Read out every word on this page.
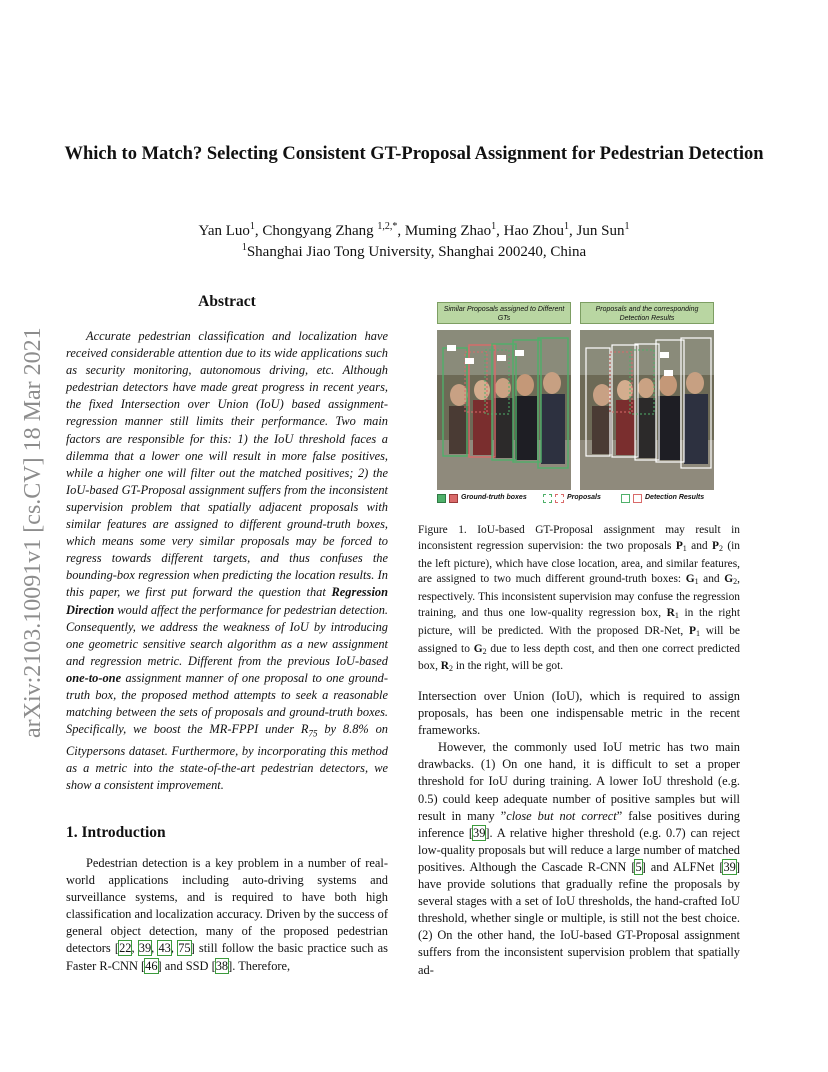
arXiv:2103.10091v1 [cs.CV] 18 Mar 2021
Which to Match? Selecting Consistent GT-Proposal Assignment for Pedestrian Detection
Yan Luo$^1$, Chongyang Zhang $^{1,2,*}$, Muming Zhao$^1$, Hao Zhou$^1$, Jun Sun$^1$
$^1$Shanghai Jiao Tong University, Shanghai 200240, China
Abstract

Accurate pedestrian classification and localization have received considerable attention due to its wide applications such as security monitoring, autonomous driving, etc. Although pedestrian detectors have made great progress in recent years, the fixed Intersection over Union (IoU) based assignment-regression manner still limits their performance. Two main factors are responsible for this: 1) the IoU threshold faces a dilemma that a lower one will result in more false positives, while a higher one will filter out the matched positives; 2) the IoU-based GT-Proposal assignment suffers from the inconsistent supervision problem that spatially adjacent proposals with similar features are assigned to different ground-truth boxes, which means some very similar proposals may be forced to regress towards different targets, and thus confuses the bounding-box regression when predicting the location results. In this paper, we first put forward the question that Regression Direction would affect the performance for pedestrian detection. Consequently, we address the weakness of IoU by introducing one geometric sensitive search algorithm as a new assignment and regression metric. Different from the previous IoU-based one-to-one assignment manner of one proposal to one ground-truth box, the proposed method attempts to seek a reasonable matching between the sets of proposals and ground-truth boxes. Specifically, we boost the MR-FPPI under $R_{75}$ by 8.8% on Citypersons dataset. Furthermore, by incorporating this method as a metric into the state-of-the-art pedestrian detectors, we show a consistent improvement.

1. Introduction

Pedestrian detection is a key problem in a number of real-world applications including auto-driving systems and surveillance systems, and is required to have both high classification and localization accuracy. Driven by the success of general object detection, many of the proposed pedestrian detectors [22, 39, 43, 75] still follow the basic practice such as Faster R-CNN [46] and SSD [38]. Therefore,

Similar Proposals assigned to Different GTs
Proposals and the corresponding Detection Results
Ground-truth boxes	Proposals	Detection Results

Figure 1. IoU-based GT-Proposal assignment may result in inconsistent regression supervision: the two proposals $P_1$ and $P_2$ (in the left picture), which have close location, area, and similar features, are assigned to two much different ground-truth boxes: $G_1$ and $G_2$, respectively. This inconsistent supervision may confuse the regression training, and thus one low-quality regression box, $R_1$ in the right picture, will be predicted. With the proposed DR-Net, $P_1$ will be assigned to $G_2$ due to less depth cost, and then one correct predicted box, $R_2$ in the right, will be got.

Intersection over Union (IoU), which is required to assign proposals, has been one indispensable metric in the recent frameworks.

However, the commonly used IoU metric has two main drawbacks. (1) On one hand, it is difficult to set a proper threshold for IoU during training. A lower IoU threshold (e.g. 0.5) could keep adequate number of positive samples but will result in many ”close but not correct” false positives during inference [39]. A relative higher threshold (e.g. 0.7) can reject low-quality proposals but will reduce a large number of matched positives. Although the Cascade R-CNN [5] and ALFNet [39] have provide solutions that gradually refine the proposals by several stages with a set of IoU thresholds, the hand-crafted IoU threshold, whether single or multiple, is still not the best choice. (2) On the other hand, the IoU-based GT-Proposal assignment suffers from the inconsistent supervision problem that spatially ad-
